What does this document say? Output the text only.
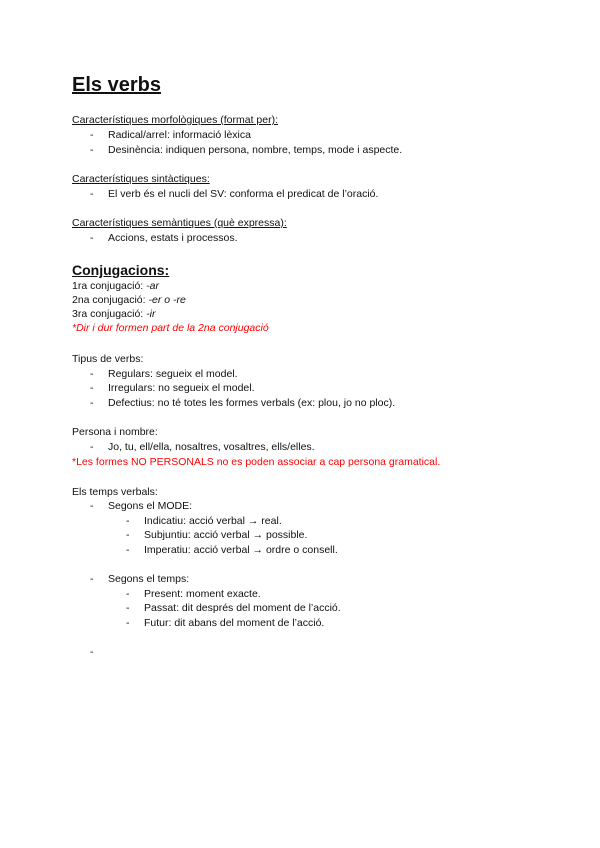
Els verbs
Característiques morfològiques (format per):
- Radical/arrel: informació lèxica
- Desinència: indiquen persona, nombre, temps, mode i aspecte.
Característiques sintàctiques:
- El verb és el nucli del SV: conforma el predicat de l’oració.
Característiques semàntiques (què expressa):
- Accions, estats i processos.
Conjugacions:
1ra conjugació: -ar
2na conjugació: -er o -re
3ra conjugació: -ir
*Dir i dur formen part de la 2na conjugació
Tipus de verbs:
- Regulars: segueix el model.
- Irregulars: no segueix el model.
- Defectius: no té totes les formes verbals (ex: plou, jo no ploc).
Persona i nombre:
- Jo, tu, ell/ella, nosaltres, vosaltres, ells/elles.
*Les formes NO PERSONALS no es poden associar a cap persona gramatical.
Els temps verbals:
- Segons el MODE:
- Indicatiu: acció verbal → real.
- Subjuntiu: acció verbal → possible.
- Imperatiu: acció verbal → ordre o consell.
- Segons el temps:
- Present: moment exacte.
- Passat: dit després del moment de l’acció.
- Futur: dit abans del moment de l’acció.
-
